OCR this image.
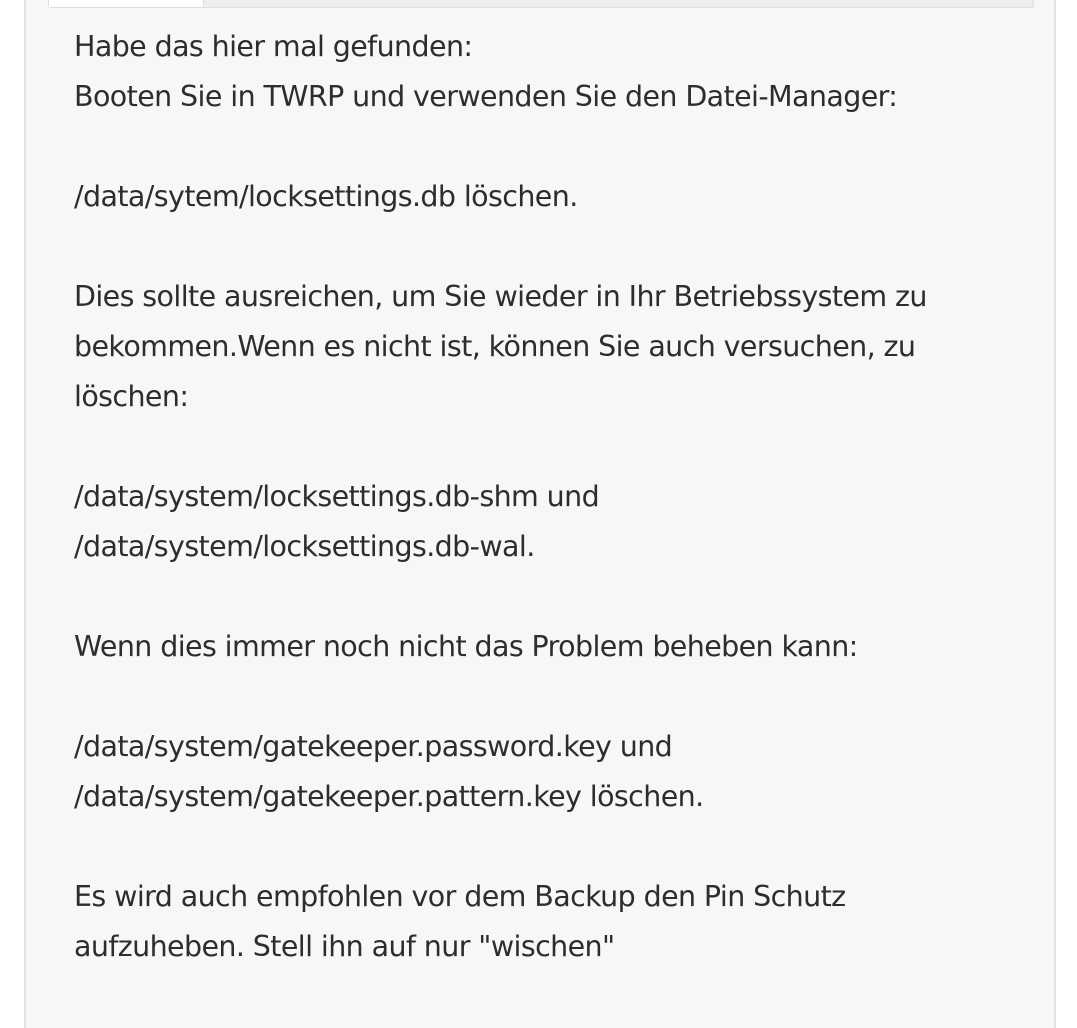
Habe das hier mal gefunden:
Booten Sie in TWRP und verwenden Sie den Datei-Manager:
/data/sytem/locksettings.db löschen.
Dies sollte ausreichen, um Sie wieder in Ihr Betriebssystem zu
bekommen.Wenn es nicht ist, können Sie auch versuchen, zu
löschen:
/data/system/locksettings.db-shm und
/data/system/locksettings.db-wal.
Wenn dies immer noch nicht das Problem beheben kann:
/data/system/gatekeeper.password.key und
/data/system/gatekeeper.pattern.key löschen.
Es wird auch empfohlen vor dem Backup den Pin Schutz
aufzuheben. Stell ihn auf nur "wischen"
